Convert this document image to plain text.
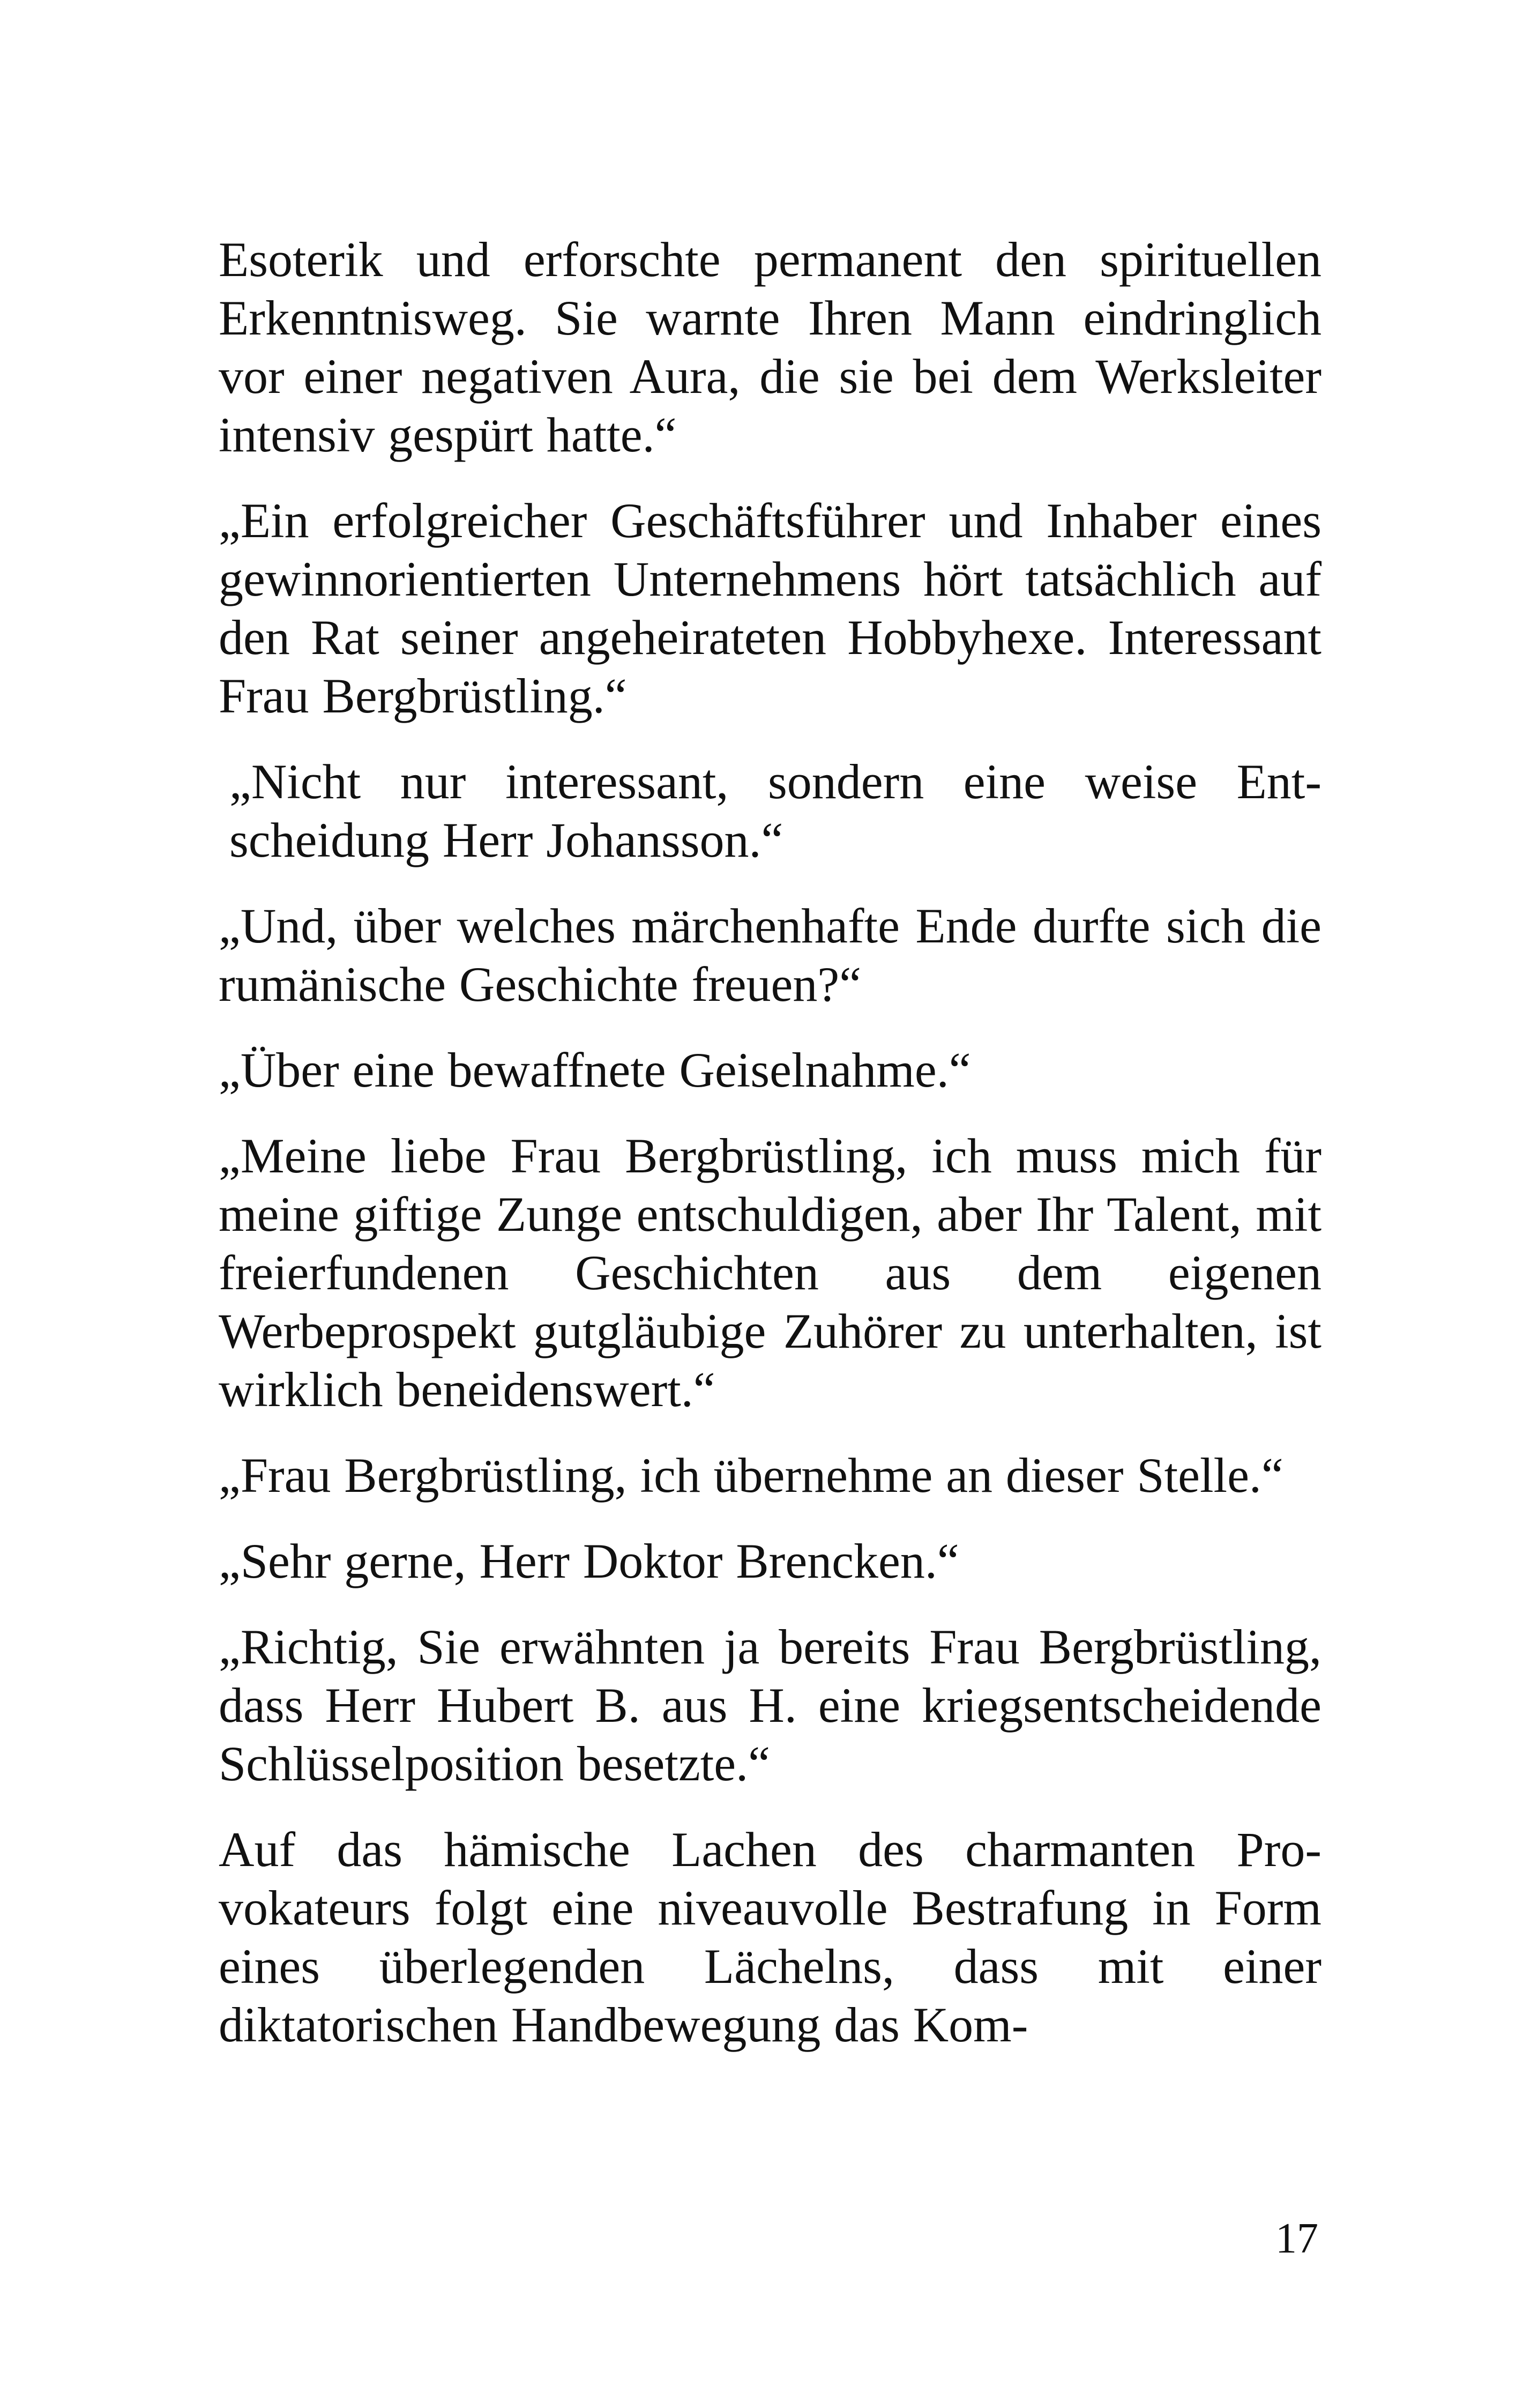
Esoterik und erforschte permanent den spirituellen Erkenntnisweg. Sie warnte Ihren Mann eindringlich vor einer negativen Aura, die sie bei dem Werksleiter intensiv gespürt hatte.“

„Ein erfolgreicher Geschäftsführer und Inhaber eines gewinnorientierten Unternehmens hört tatsächlich auf den Rat seiner angeheirateten Hobbyhexe. Interessant Frau Bergbrüstling.“

„Nicht nur interessant, sondern eine weise Entscheidung Herr Johansson.“

„Und, über welches märchenhafte Ende durfte sich die rumänische Geschichte freuen?“

„Über eine bewaffnete Geiselnahme.“

„Meine liebe Frau Bergbrüstling, ich muss mich für meine giftige Zunge entschuldigen, aber Ihr Talent, mit freierfundenen Geschichten aus dem eigenen Werbeprospekt gutgläubige Zuhörer zu unterhalten, ist wirklich beneidenswert.“

„Frau Bergbrüstling, ich übernehme an dieser Stelle.“

„Sehr gerne, Herr Doktor Brencken.“

„Richtig, Sie erwähnten ja bereits Frau Bergbrüstling, dass Herr Hubert B. aus H. eine kriegsentscheidende Schlüsselposition besetzte.“

Auf das hämische Lachen des charmanten Provokateurs folgt eine niveauvolle Bestrafung in Form eines überlegenden Lächelns, dass mit einer diktatorischen Handbewegung das Kom-

17
